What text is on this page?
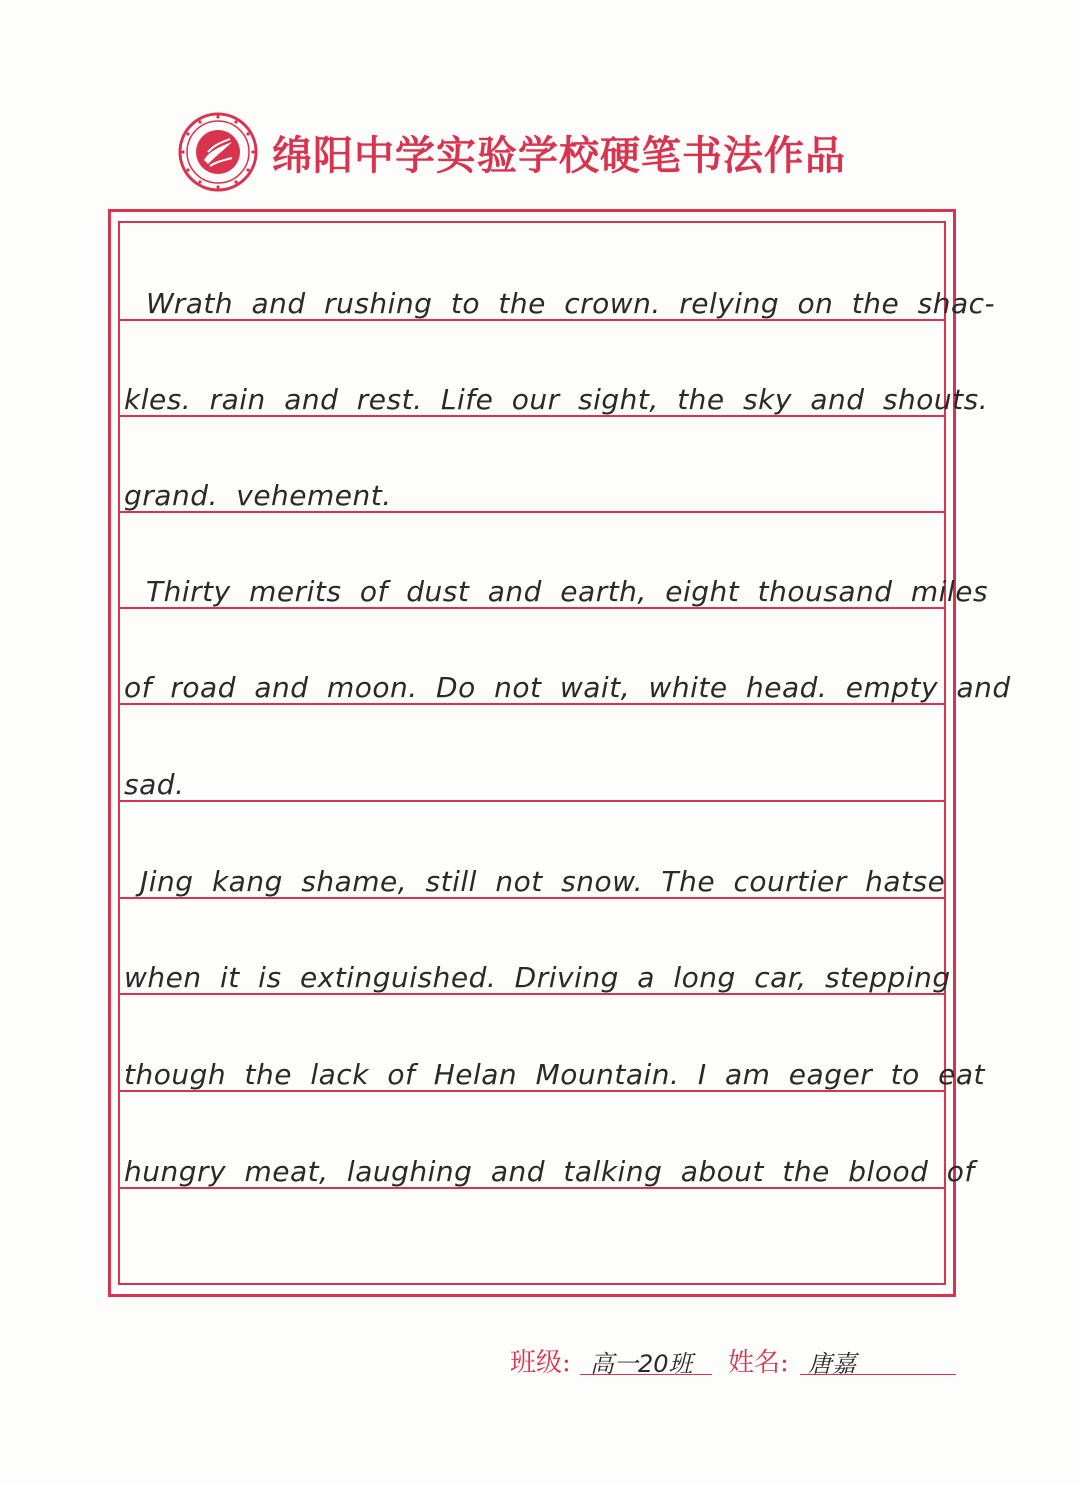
绵阳中学实验学校硬笔书法作品
Wrath and rushing to the crown. relying on the shac-
kles. rain and rest. Life our sight, the sky and shouts.
grand. vehement.
Thirty merits of dust and earth, eight thousand miles
of road and moon. Do not wait, white head. empty and
sad.
Jing kang shame, still not snow. The courtier hatse
when it is extinguished. Driving a long car, stepping
though the lack of Helan Mountain. I am eager to eat
hungry meat, laughing and talking about the blood of
班级: 高一20班 姓名: 唐嘉
